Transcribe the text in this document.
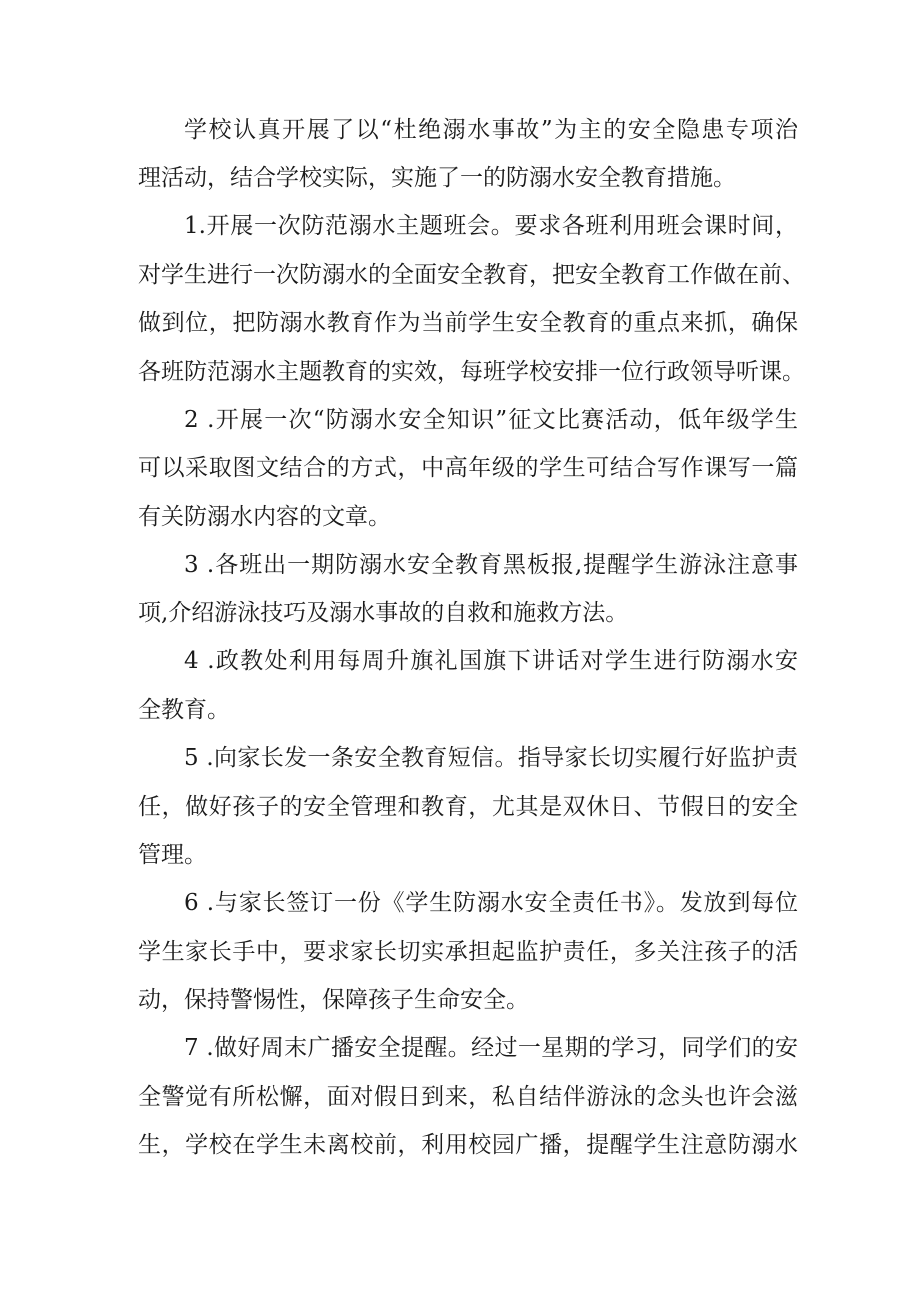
学校认真开展了以“杜绝溺水事故”为主的安全隐患专项治

理活动，结合学校实际，实施了一的防溺水安全教育措施。

1.开展一次防范溺水主题班会。要求各班利用班会课时间，

对学生进行一次防溺水的全面安全教育，把安全教育工作做在前、

做到位，把防溺水教育作为当前学生安全教育的重点来抓，确保

各班防范溺水主题教育的实效，每班学校安排一位行政领导听课。

2 .开展一次“防溺水安全知识”征文比赛活动，低年级学生

可以采取图文结合的方式，中高年级的学生可结合写作课写一篇

有关防溺水内容的文章。

3 .各班出一期防溺水安全教育黑板报,提醒学生游泳注意事

项,介绍游泳技巧及溺水事故的自救和施救方法。

4 .政教处利用每周升旗礼国旗下讲话对学生进行防溺水安

全教育。

5 .向家长发一条安全教育短信。指导家长切实履行好监护责

任，做好孩子的安全管理和教育，尤其是双休日、节假日的安全

管理。

6 .与家长签订一份《学生防溺水安全责任书》。发放到每位

学生家长手中，要求家长切实承担起监护责任，多关注孩子的活

动，保持警惕性，保障孩子生命安全。

7 .做好周末广播安全提醒。经过一星期的学习，同学们的安

全警觉有所松懈，面对假日到来，私自结伴游泳的念头也许会滋

生，学校在学生未离校前，利用校园广播，提醒学生注意防溺水
